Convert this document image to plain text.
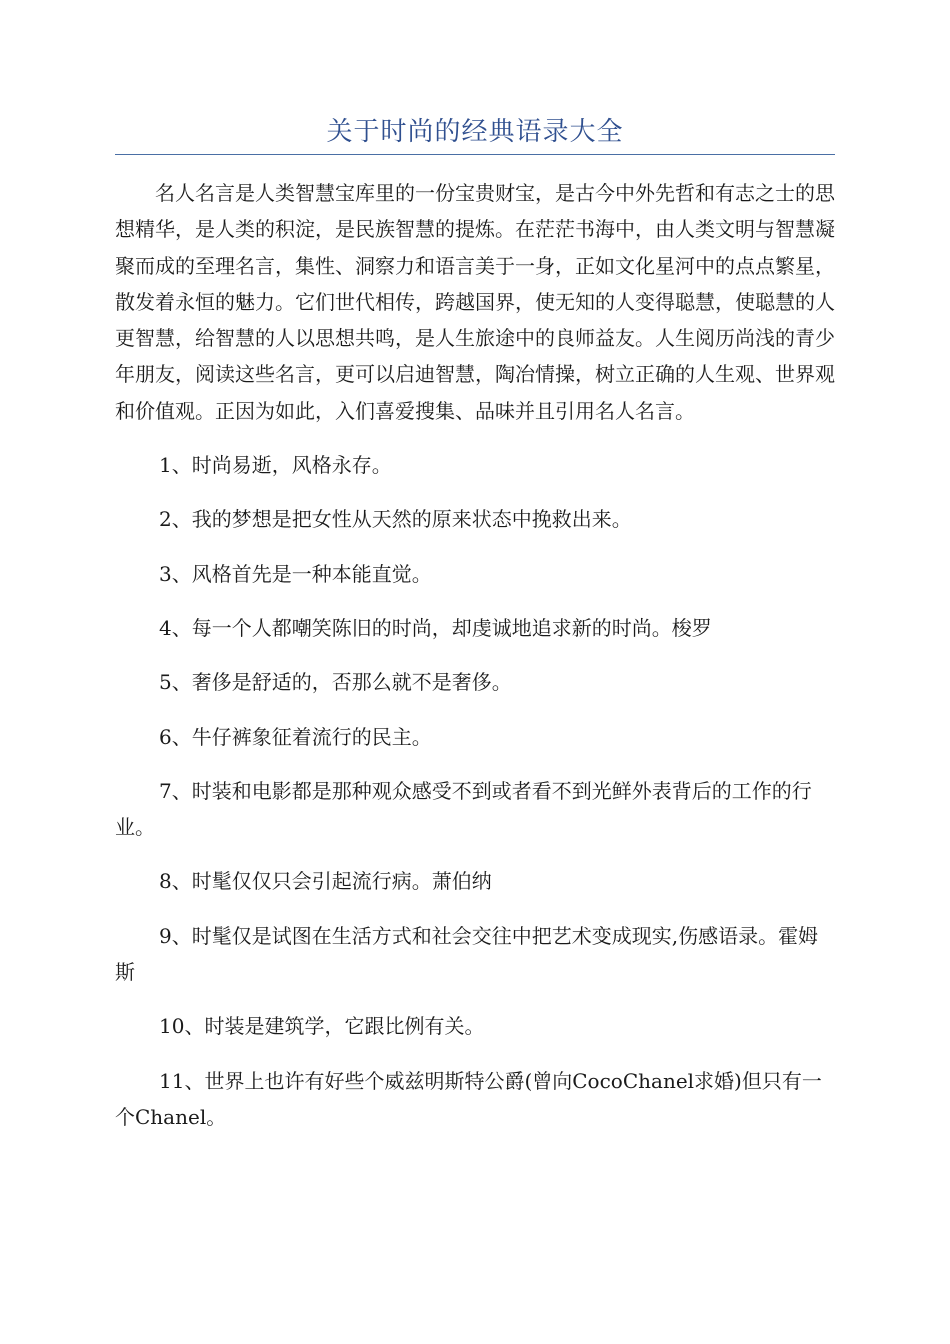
关于时尚的经典语录大全

名人名言是人类智慧宝库里的一份宝贵财宝，是古今中外先哲和有志之士的思想精华，是人类的积淀，是民族智慧的提炼。在茫茫书海中，由人类文明与智慧凝聚而成的至理名言，集性、洞察力和语言美于一身，正如文化星河中的点点繁星，散发着永恒的魅力。它们世代相传，跨越国界，使无知的人变得聪慧，使聪慧的人更智慧，给智慧的人以思想共鸣，是人生旅途中的良师益友。人生阅历尚浅的青少年朋友，阅读这些名言，更可以启迪智慧，陶冶情操，树立正确的人生观、世界观和价值观。正因为如此，入们喜爱搜集、品味并且引用名人名言。

1、时尚易逝，风格永存。

2、我的梦想是把女性从天然的原来状态中挽救出来。

3、风格首先是一种本能直觉。

4、每一个人都嘲笑陈旧的时尚，却虔诚地追求新的时尚。梭罗

5、奢侈是舒适的，否那么就不是奢侈。

6、牛仔裤象征着流行的民主。

7、时装和电影都是那种观众感受不到或者看不到光鲜外表背后的工作的行业。

8、时髦仅仅只会引起流行病。萧伯纳

9、时髦仅是试图在生活方式和社会交往中把艺术变成现实,伤感语录。霍姆斯

10、时装是建筑学，它跟比例有关。

11、世界上也许有好些个威兹明斯特公爵(曾向CocoChanel求婚)但只有一个Chanel。
